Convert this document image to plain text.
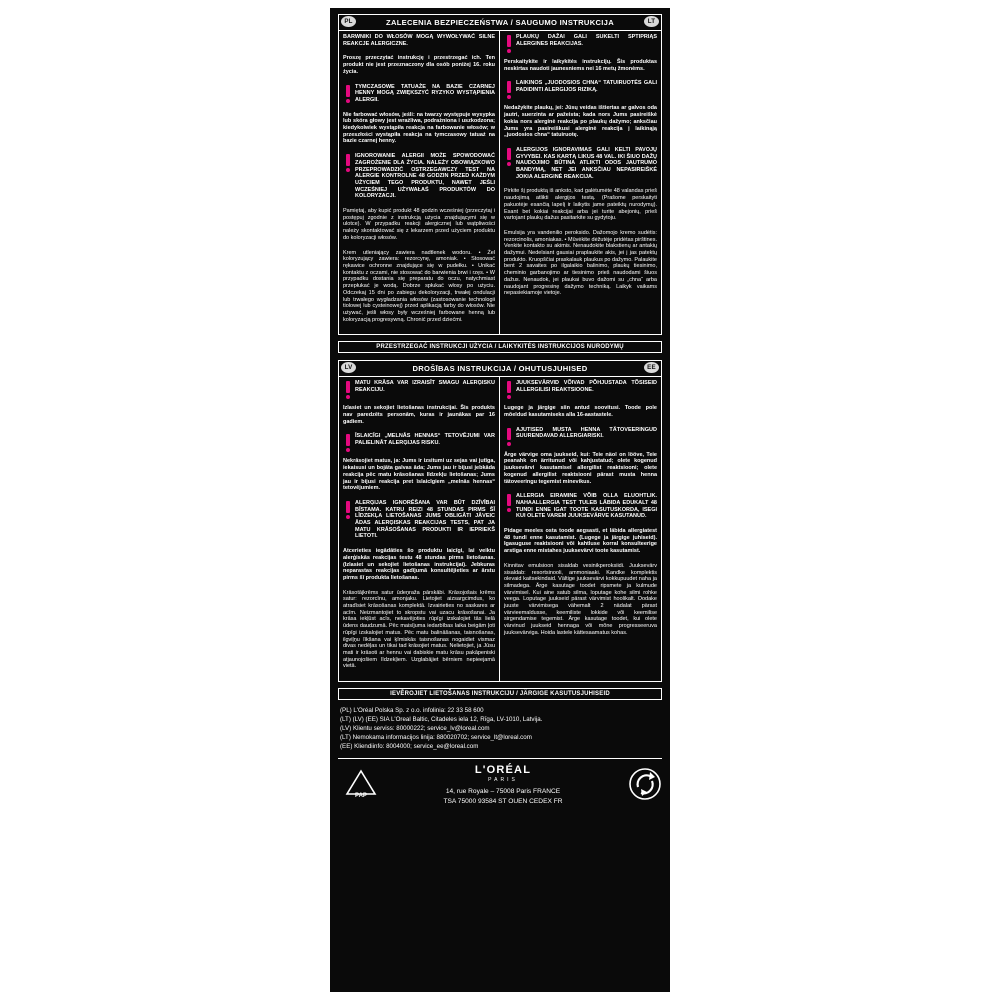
PL	ZALECENIA BEZPIECZEŃSTWA / SAUGUMO INSTRUKCIJA	LT

BARWNIKI DO WŁOSÓW MOGĄ WYWOŁYWAĆ SILNE REAKCJE ALERGICZNE.

Proszę przeczytać instrukcję i przestrzegać ich. Ten produkt nie jest przeznaczony dla osób poniżej 16. roku życia.

TYMCZASOWE TATUAŻE NA BAZIE CZARNEJ HENNY MOGĄ ZWIĘKSZYĆ RYZYKO WYSTĄPIENIA ALERGII.

Nie farbować włosów, jeśli: na twarzy występuje wysypka lub skóra głowy jest wrażliwa, podrażniona i uszkodzona; kiedykolwiek wystąpiła reakcja na farbowanie włosów; w przeszłości wystąpiła reakcja na tymczasowy tatuaż na bazie czarnej henny.

IGNOROWANIE ALERGII MOŻE SPOWODOWAĆ ZAGROŻENIE DLA ŻYCIA. NALEŻY OBOWIĄZKOWO PRZEPROWADZIĆ OSTRZEGAWCZY TEST NA ALERGIE KONTROLNE 48 GODZIN PRZED KAŻDYM UŻYCIEM TEGO PRODUKTU, NAWET JEŚLI WCZEŚNIEJ UŻYWAŁAŚ PRODUKTÓW DO KOLORYZACJI.

Pamiętaj, aby kupić produkt 48 godzin wcześniej (przeczytaj i postępuj zgodnie z instrukcją użycia znajdującymi się w ulotce). W przypadku reakcji alergicznej lub wątpliwości należy skontaktować się z lekarzem przed użyciem produktu do koloryzacji włosów.

Krem utleniający zawiera nadtlenek wodoru. • Żel koloryzujący zawiera: rezorcynę, amoniak. • Stosować rękawice ochronne znajdujące się w pudełku. • Unikać kontaktu z oczami, nie stosować do barwienia brwi i rzęs. • W przypadku dostania się preparatu do oczu, natychmiast przepłukać je wodą. Dobrze spłukać włosy po użyciu. Odczekaj 15 dni po zabiegu dekoloryzacji, trwałej ondulacji lub trwałego wygładzania włosów (zastosowanie technologii tiolowej lub cysteinowej) przed aplikacją farby do włosów. Nie używać, jeśli włosy były wcześniej farbowane henną lub koloryzacją progresywną. Chronić przed dziećmi.

PLAUKŲ DAŽAI GALI SUKELTI SPTIPRIĄS ALERGINES REAKCIJAS.

Perskaitykite ir laikykitės instrukcijų. Šis produktas neskirtas naudoti jaunesniems nei 16 metų žmonėms.

LAIKINOS „JUODOSIOS CHNA“ TATUIRUOTĖS GALI PADIDINTI ALERGIJOS RIZIKĄ.

Nedažykite plaukų, jei: Jūsų veidas ištiertas ar galvos oda jautri, suerzinta ar pažeista; kada nors Jums pasireiškė kokia nors alerginė reakcija po plaukų dažymo; anksčiau Jums yra pasireiškusi alerginė reakcija į laikinąją „juodosios chna“ tatuiruotę.

ALERGIJOS IGNORAVIMAS GALI KELTI PAVOJŲ GYVYBEI. KAS KARTĄ LIKUS 48 VAL. IKI ŠIUO DAŽŲ NAUDOJIMO BŪTINA ATLIKTI ODOS JAUTRUMO BANDYMĄ, NET JEI ANKSČIAU NEPASIREIŠKĖ JOKIA ALERGINĖ REAKCIJA.

Pirkite šį produktą iš anksto, kad galėtumėte 48 valandas prieš naudojimą atlikti alergijos testą. (Prašome perskaityti pakuotėje esančią lapelį ir laikytis jame pateiktų nurodymų). Esant bet kokiai reakcijai arba jei turite abejonių, prieš vartojant plaukų dažus pasitarkite su gydytoju.

Emulsija yra vandenilio peroksido. Dažomojo kremo sudėtis: rezorcinolis, amoniakas. • Mūvėkite dėžutėje pridėtas pirštines. Venkite kontakto su akimis. Nenaudokite blakstienų ar antakių dažymui. Nedelsiant gausiai praplaukite akis, jei į jas patektų produkto. Kruopščiai praskalauk plaukus po dažymo. Palaukite bent 2 savaites po ilgalaikio balinimo, plaukų tiesinimo, cheminio garbanojimo ar tiesinimo prieš naudodami šiuos dažus. Nenaudok, jei plaukai buvo dažomi su „chna“ arba naudojant progresinę dažymo techniką. Laikyk vaikams nepasiekiamoje vietoje.

PRZESTRZEGAĆ INSTRUKCJI UŻYCIA / LAIKYKITĖS INSTRUKCIJOS NURODYMŲ
LV	DROŠĪBAS INSTRUKCIJA / OHUTUSJUHISED	EE

MATU KRĀSA VAR IZRAISĪT SMAGU ALERĢISKU REAKCIJU.

Izlasiet un sekojiet lietošanas instrukcijai. Šis produkts nav paredzēts personām, kuras ir jaunākas par 16 gadiem.

ĪSLAICĪGI „MELNĀS HENNAS“ TETOVĒJUMI VAR PALIELINĀT ALERĢIJAS RISKU.

Nekrāsojiet matus, ja: Jums ir izsitumi uz sejas vai jutīga, iekaisusi un bojāta galvas āda; Jums jau ir bijusi jebkāda reakcija pēc matu krāsošanas līdzekļu lietošanas; Jums jau ir bijusi reakcija pret īslaicīgiem „melnās hennas“ tetovējumiem.

ALERĢIJAS IGNORĒŠANA VAR BŪT DZĪVĪBAI BĪSTAMA. KATRU REIZI 48 STUNDAS PIRMS ŠĪ LĪDZEKĻA LIETOŠANAS JUMS OBLIGĀTI JĀVEIC ĀDAS ALERĢISKAS REAKCIJAS TESTS, PAT JA MATU KRĀSOŠANAS PRODUKTI IR IEPRIEKŠ LIETOTI.

Atcerieties iegādāties šo produktu laicīgi, lai veiktu alerģiskās reakcijas testu 48 stundas pirms lietošanas. (Izlasiet un sekojiet lietošanas instrukcijai). Jebkuras neparastas reakcijas gadījumā konsultējieties ar ārstu pirms šī produkta lietošanas.

Krāsotājkrēms satur ūdeņraža pārskābi. Krāsojošais krēms satur: rezorcīnu, amonjaku. Lietojiet aizsargcimdus, ko atradīsiet krāsošanas komplektā. Izvairieties no saskares ar acīm. Neizmantojiet to skropstu vai uzacu krāsošanai. Ja krāsa iekļūst acīs, nekavējoties rūpīgi izskalojiet tās lielā ūdens daudzumā. Pēc maisījuma iedarbības laika beigām ļoti rūpīgi izskalojiet matus. Pēc matu balināšanas, taisnošanas, ilgviļņu līkšana vai ķīmiskās taisnošanas nogaidiet vismaz divas nedēļas un tikai tad krāsojiet matus. Nelietojiet, ja Jūsu mati ir krāsoti ar hennu vai dabiskie matu krāsu pakāpeniski atjaunojošiem līdzekļiem. Uzglabājiet bērniem nepieejamā vietā.

JUUKSEVÄRVID VÕIVAD PÕHJUSTADA TÕSISEID ALLERGILISI REAKTSIOONE.

Lugege ja järgige siin antud soovitusi. Toode pole mõeldud kasutamiseks alla 16-aastastele.

AJUTISED MUSTA HENNA TÄTOVEERINGUD SUURENDAVAD ALLERGIARISKI.

Ärge värvige oma juukseid, kui: Teie näol on lööve, Teie peanahk on ärritunud või kahjustatud; olete kogenud juuksevärvi kasutamisel allergilist reaktsiooni; olete kogenud allergilist reaktsiooni pärast musta henna tätoveeringu tegemist minevikus.

ALLERGIA EIRAMINE VÕIB OLLA ELUOHTLIK. NAHAALLERGIA TEST TULEB LÄBIDA EDUKALT 48 TUNDI ENNE IGAT TOOTE KASUTUSKORDA, ISEGI KUI OLETE VAREM JUUKSEVÄRVE KASUTANUD.

Pidage meeles osta toode aegsasti, et läbida allergiatest 48 tundi enne kasutamist. (Lugege ja järgige juhiseid). Igasuguse reaktsiooni või kahtluse korral konsulteerige arstiga enne mistahes juuksevärvi toote kasutamist.

Kinnitav emulsioon sisaldab vesinikperoksiidi. Juuksevärv sisaldab: resortsinooli, ammoniaaki. Kandke komplektis olevaid kaitsekindaid. Vältige juuksevärvi kokkupuudet naha ja silmadega. Ärge kasutage toodet ripsmete ja kulmude värvimisel. Kui aine satub silma, loputage kohe silmi rohke veega. Loputage juukseid pärast värvimist hoolikalt. Oodake juuste värvimisega vähemalt 2 nädalat pärast värvieemaldusse, keemiliste lokkide või keemilise sirgendamise tegemist. Ärge kasutage toodet, kui olete värvinud juukseid hennaga või mõne progresseeruva juuksevärviga. Hoida lastele kättesaamatus kohas.

IEVĒROJIET LIETOŠANAS INSTRUKCIJU / JÄRGIGE KASUTUSJUHISEID
(PL) L'Oréal Polska Sp. z o.o. infolinia: 22 33 58 600
(LT) (LV) (EE) SIA L'Oreal Baltic, Citadeles iela 12, Rīga, LV-1010, Latvija.
(LV) Klientu serviss: 80000222; service_lv@loreal.com
(LT) Nemokama informacijos linija: 880020702; service_lt@loreal.com
(EE) Kliendiinfo: 8004000; service_ee@loreal.com
PAP
L'ORÉAL
PARIS
14, rue Royale – 75008 Paris FRANCE
TSA 75000 93584 ST OUEN CEDEX FR
